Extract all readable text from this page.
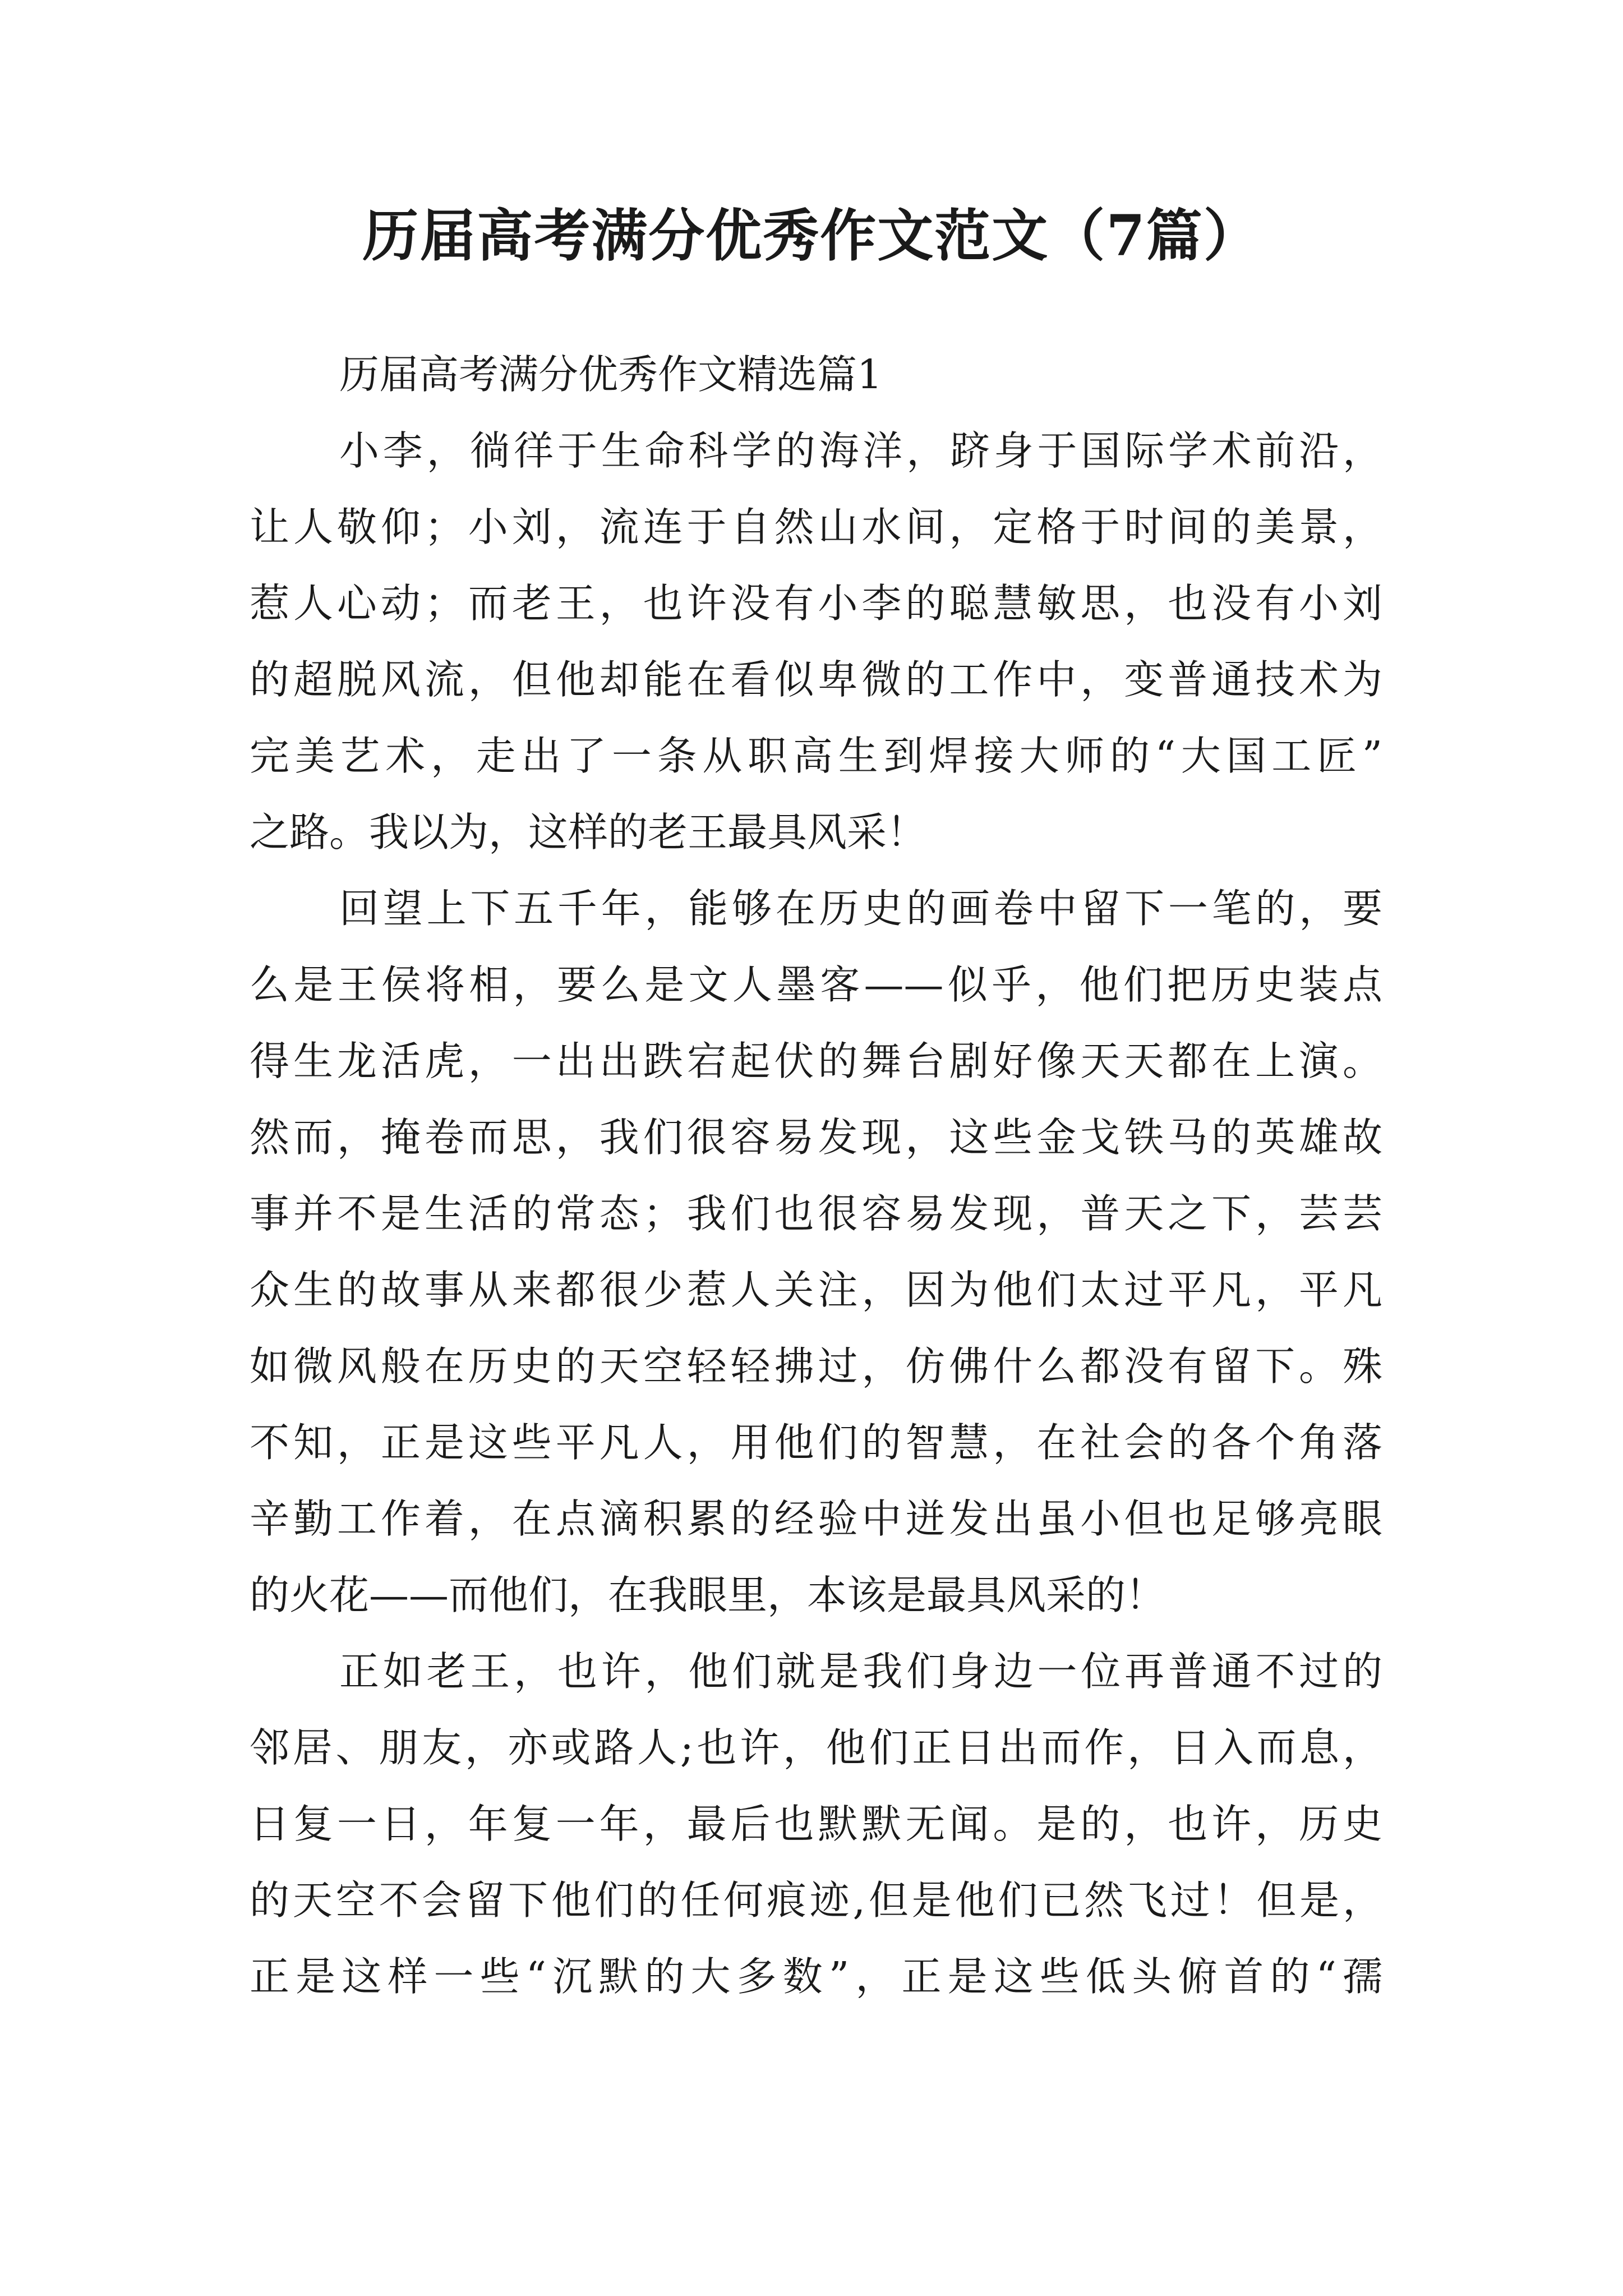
历届高考满分优秀作文范文（7篇）

历届高考满分优秀作文精选篇1

小李，徜徉于生命科学的海洋，跻身于国际学术前沿，

让人敬仰；小刘，流连于自然山水间，定格于时间的美景，

惹人心动；而老王，也许没有小李的聪慧敏思，也没有小刘

的超脱风流，但他却能在看似卑微的工作中，变普通技术为

完美艺术，走出了一条从职高生到焊接大师的“大国工匠”

之路。我以为，这样的老王最具风采！

回望上下五千年，能够在历史的画卷中留下一笔的，要

么是王侯将相，要么是文人墨客——似乎，他们把历史装点

得生龙活虎，一出出跌宕起伏的舞台剧好像天天都在上演。

然而，掩卷而思，我们很容易发现，这些金戈铁马的英雄故

事并不是生活的常态；我们也很容易发现，普天之下，芸芸

众生的故事从来都很少惹人关注，因为他们太过平凡，平凡

如微风般在历史的天空轻轻拂过，仿佛什么都没有留下。殊

不知，正是这些平凡人，用他们的智慧，在社会的各个角落

辛勤工作着，在点滴积累的经验中迸发出虽小但也足够亮眼

的火花——而他们，在我眼里，本该是最具风采的！

正如老王，也许，他们就是我们身边一位再普通不过的

邻居、朋友，亦或路人;也许，他们正日出而作，日入而息，

日复一日，年复一年，最后也默默无闻。是的，也许，历史

的天空不会留下他们的任何痕迹,但是他们已然飞过！但是，

正是这样一些“沉默的大多数”，正是这些低头俯首的“孺
